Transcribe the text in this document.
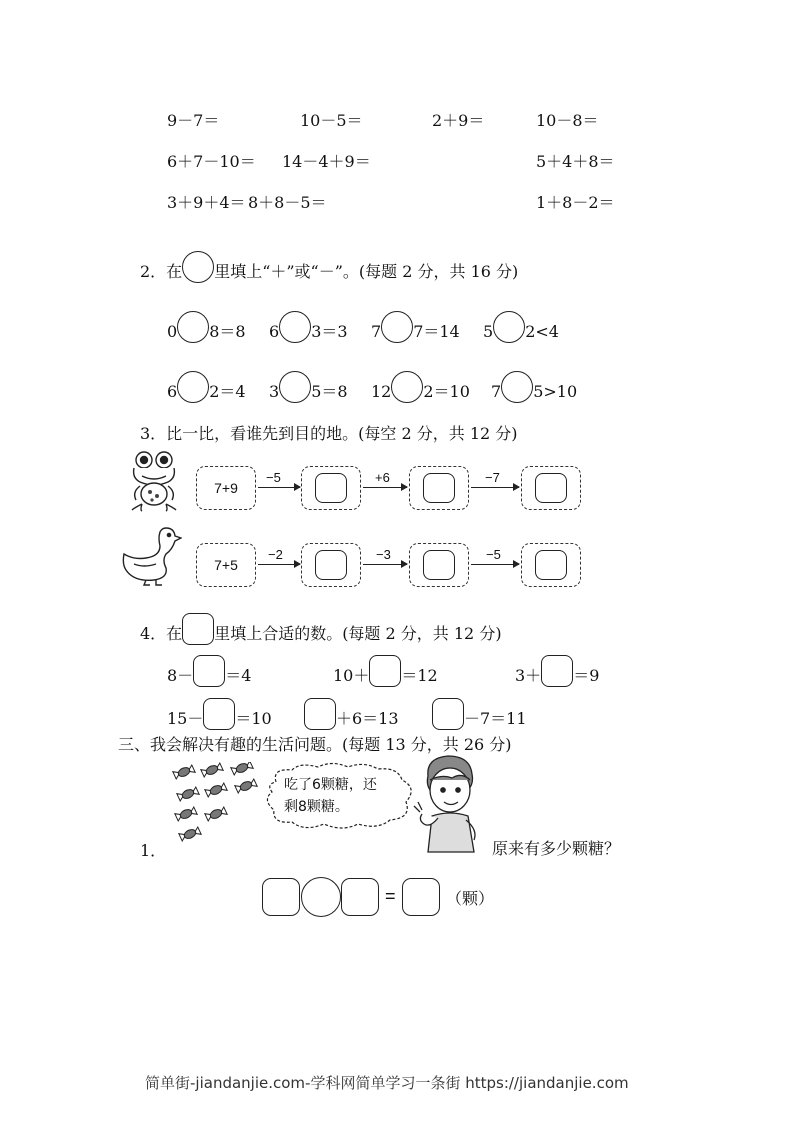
9－7＝	10－5＝	2＋9＝	10－8＝
6＋7－10＝ 14－4＋9＝	5＋4＋8＝
3＋9＋4＝ 8＋8－5＝	1＋8－2＝
2．在 里填上“＋”或“－”。(每题 2 分，共 16 分)
0 8＝8 6 3＝3 7 7＝14 5 2<4
6 2＝4 3 5＝8 12 2＝10 7 5>10
3．比一比，看谁先到目的地。(每空 2 分，共 12 分)
7+9
−5	+6	−7
7+5
−2	−3	−5
4．在 里填上合适的数。(每题 2 分，共 12 分)
8－ ＝4	10＋ ＝12	3＋ ＝9
15－ ＝10	＋6＝13	－7＝11
三、我会解决有趣的生活问题。(每题 13 分，共 26 分)
吃了6颗糖，还
剩8颗糖。
1．	原来有多少颗糖？
=	（颗）
简单街-jiandanjie.com-学科网简单学习一条街 https://jiandanjie.com
